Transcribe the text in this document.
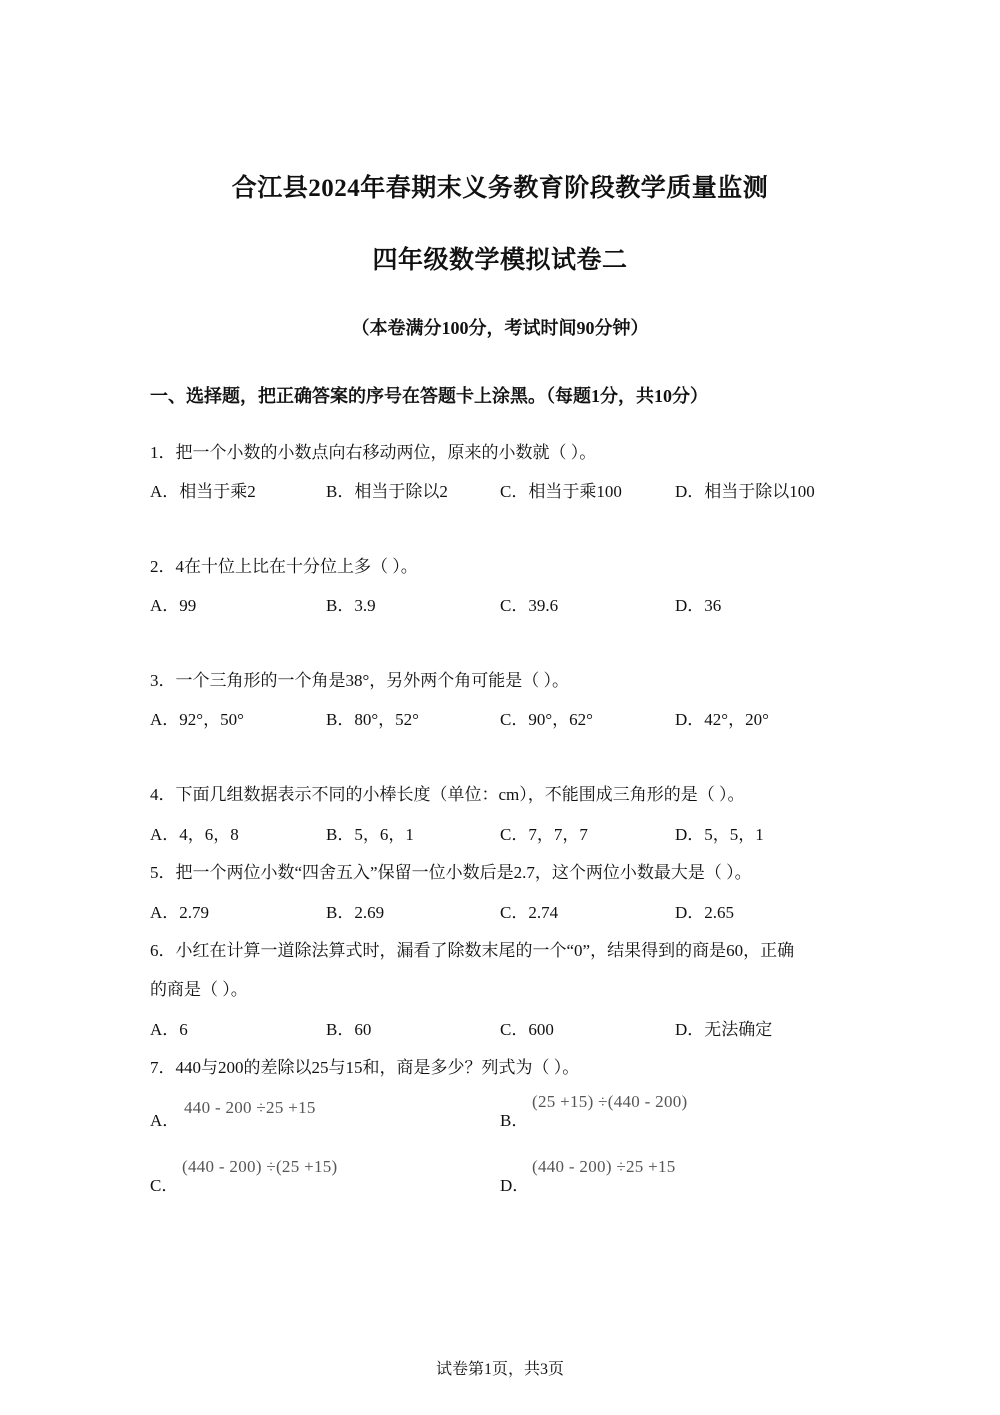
合江县2024年春期末义务教育阶段教学质量监测
四年级数学模拟试卷二
（本卷满分100分，考试时间90分钟）
一、选择题，把正确答案的序号在答题卡上涂黑。（每题1分，共10分）
1．把一个小数的小数点向右移动两位，原来的小数就（ ）。
A．相当于乘2	B．相当于除以2	C．相当于乘100	D．相当于除以100
2．4在十位上比在十分位上多（ ）。
A．99	B．3.9	C．39.6	D．36
3．一个三角形的一个角是38°，另外两个角可能是（ ）。
A．92°，50°	B．80°，52°	C．90°，62°	D．42°，20°
4．下面几组数据表示不同的小棒长度（单位：cm），不能围成三角形的是（ ）。
A．4，6，8	B．5，6，1	C．7，7，7	D．5，5，1
5．把一个两位小数“四舍五入”保留一位小数后是2.7，这个两位小数最大是（ ）。
A．2.79	B．2.69	C．2.74	D．2.65
6．小红在计算一道除法算式时，漏看了除数末尾的一个“0”，结果得到的商是60，正确
的商是（ ）。
A．6	B．60	C．600	D．无法确定
7．440与200的差除以25与15和，商是多少？列式为（ ）。
A．
440 - 200 ÷25 +15
B．
(25 +15) ÷(440 - 200)
C．
(440 - 200) ÷(25 +15)
D．
(440 - 200) ÷25 +15
试卷第1页，共3页
